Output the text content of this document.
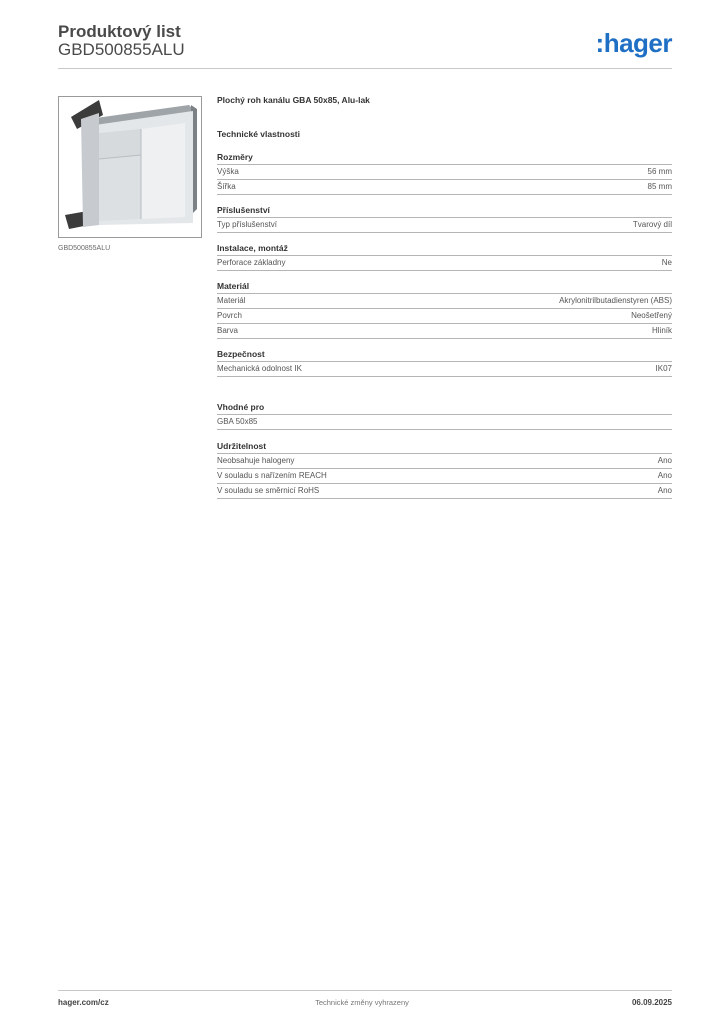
Produktový list
GBD500855ALU	:hager
GBD500855ALU
Plochý roh kanálu GBA 50x85, Alu-lak
Technické vlastnosti
Rozměry
Výška	56 mm
Šířka	85 mm
Příslušenství
Typ příslušenství	Tvarový díl
Instalace, montáž
Perforace základny	Ne
Materiál
Materiál	Akrylonitrilbutadienstyren (ABS)
Povrch	Neošetřený
Barva	Hliník
Bezpečnost
Mechanická odolnost IK	IK07
Vhodné pro
GBA 50x85
Udržitelnost
Neobsahuje halogeny	Ano
V souladu s nařízením REACH	Ano
V souladu se směrnicí RoHS	Ano
hager.com/cz	Technické změny vyhrazeny	06.09.2025
